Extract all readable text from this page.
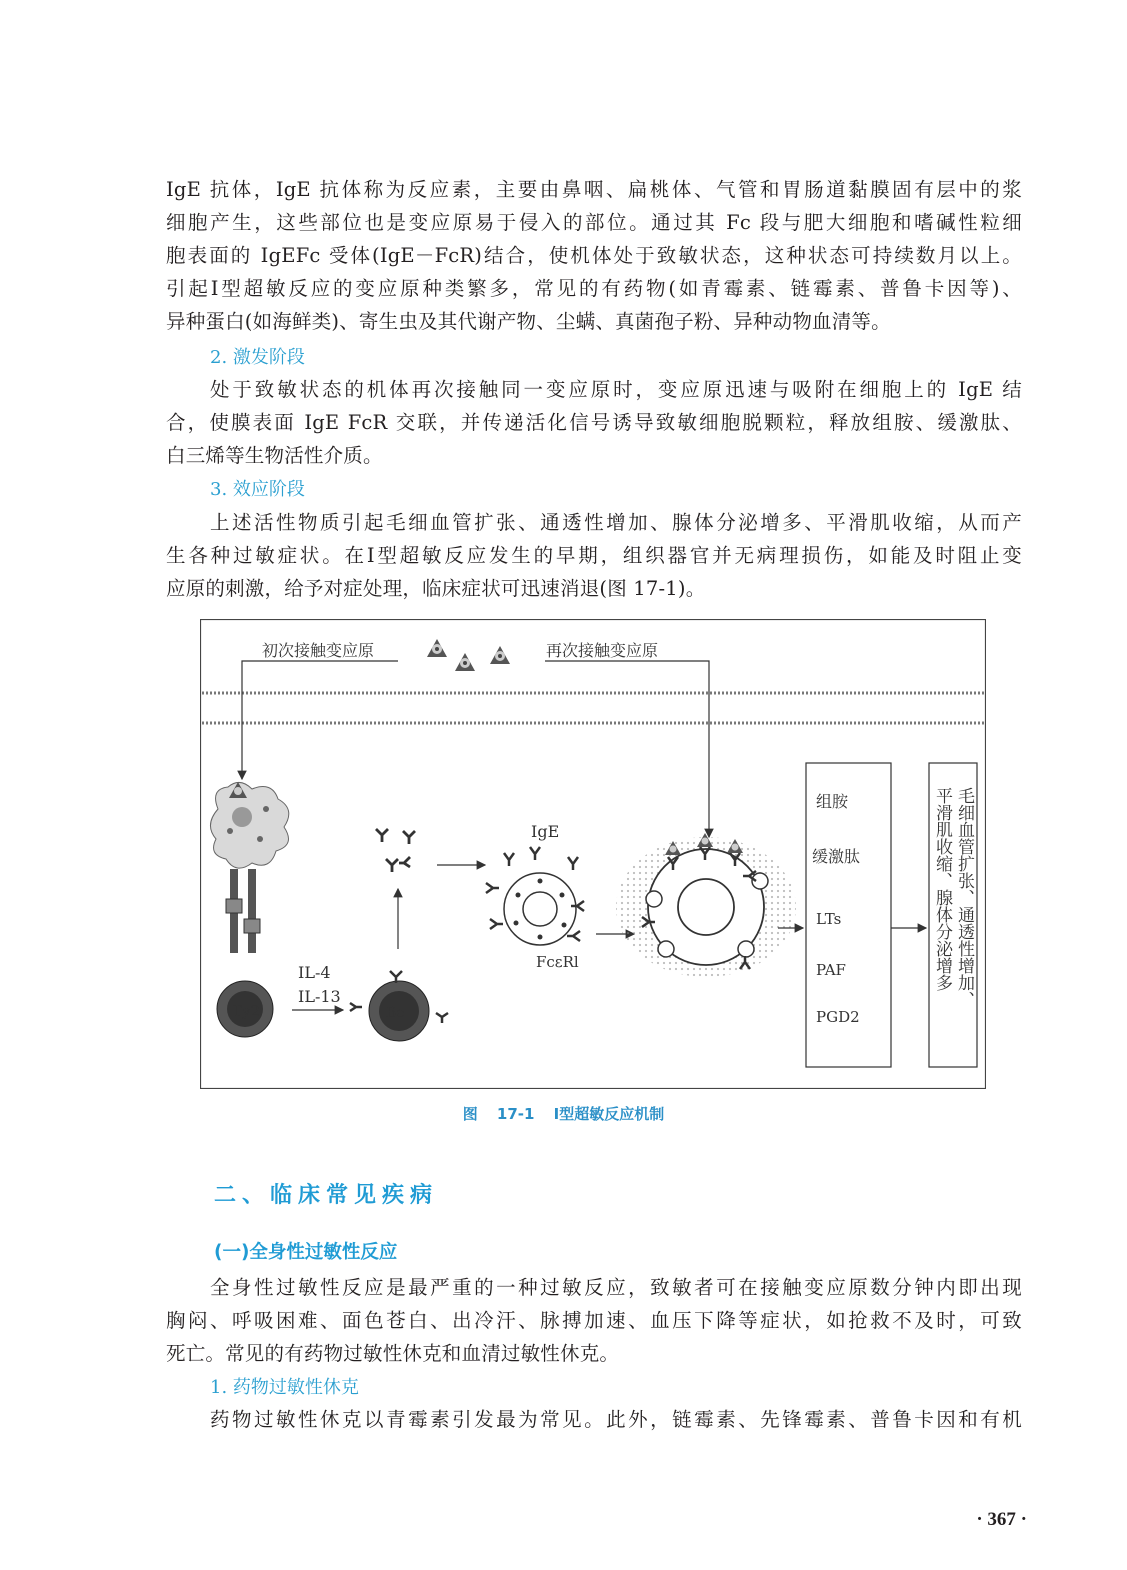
IgE 抗体，IgE 抗体称为反应素，主要由鼻咽、扁桃体、气管和胃肠道黏膜固有层中的浆

细胞产生，这些部位也是变应原易于侵入的部位。通过其 Fc 段与肥大细胞和嗜碱性粒细

胞表面的 IgEFc 受体(IgE－FcR)结合，使机体处于致敏状态，这种状态可持续数月以上。

引起Ⅰ型超敏反应的变应原种类繁多，常见的有药物(如青霉素、链霉素、普鲁卡因等)、

异种蛋白(如海鲜类)、寄生虫及其代谢产物、尘螨、真菌孢子粉、异种动物血清等。

2. 激发阶段

处于致敏状态的机体再次接触同一变应原时，变应原迅速与吸附在细胞上的 IgE 结

合，使膜表面 IgE FcR 交联，并传递活化信号诱导致敏细胞脱颗粒，释放组胺、缓激肽、

白三烯等生物活性介质。

3. 效应阶段

上述活性物质引起毛细血管扩张、通透性增加、腺体分泌增多、平滑肌收缩，从而产

生各种过敏症状。在Ⅰ型超敏反应发生的早期，组织器官并无病理损伤，如能及时阻止变

应原的刺激，给予对症处理，临床症状可迅速消退(图 17-1)。

初次接触变应原	再次接触变应原
Ty2
IL-4
IL-13
Be
IgE
FcεRl
组胺
缓激肽
LTs
PAF
PGD2
毛细血管扩张、通透性增加、
平滑肌收缩、腺体分泌增多
图 17-1 Ⅰ型超敏反应机制
二、临床常见疾病
(一)全身性过敏性反应

全身性过敏性反应是最严重的一种过敏反应，致敏者可在接触变应原数分钟内即出现

胸闷、呼吸困难、面色苍白、出冷汗、脉搏加速、血压下降等症状，如抢救不及时，可致

死亡。常见的有药物过敏性休克和血清过敏性休克。

1. 药物过敏性休克

药物过敏性休克以青霉素引发最为常见。此外，链霉素、先锋霉素、普鲁卡因和有机

· 367 ·
